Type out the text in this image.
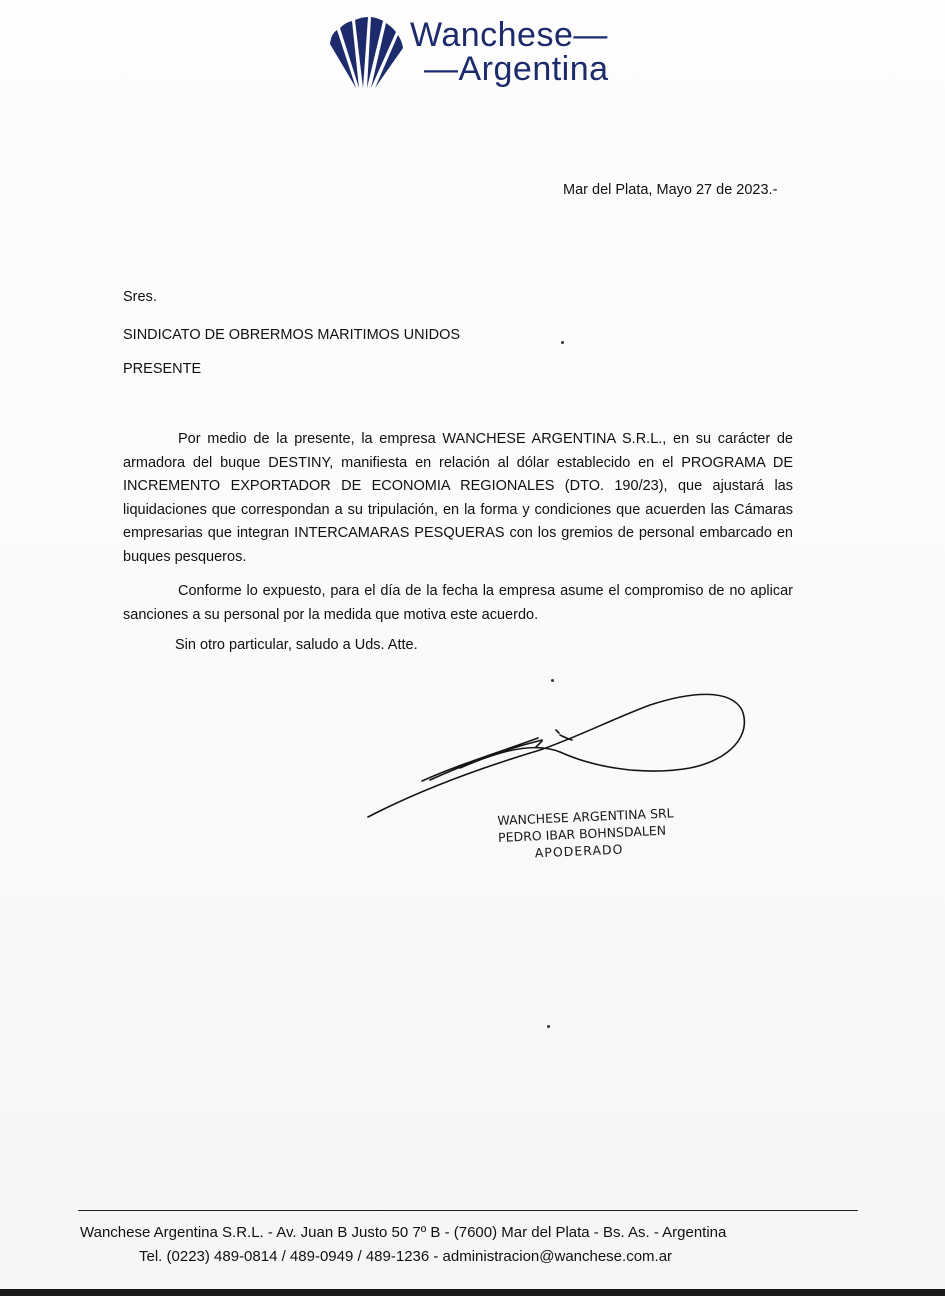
Wanchese—
—Argentina
Mar del Plata, Mayo 27 de 2023.-
Sres.
SINDICATO DE OBRERMOS MARITIMOS UNIDOS
PRESENTE

Por medio de la presente, la empresa WANCHESE ARGENTINA S.R.L., en su carácter de armadora del buque DESTINY, manifiesta en relación al dólar establecido en el PROGRAMA DE INCREMENTO EXPORTADOR DE ECONOMIA REGIONALES (DTO. 190/23), que ajustará las liquidaciones que correspondan a su tripulación, en la forma y condiciones que acuerden las Cámaras empresarias que integran INTERCAMARAS PESQUERAS con los gremios de personal embarcado en buques pesqueros.

Conforme lo expuesto, para el día de la fecha la empresa asume el compromiso de no aplicar sanciones a su personal por la medida que motiva este acuerdo.

Sin otro particular, saludo a Uds. Atte.
WANCHESE ARGENTINA SRL
PEDRO IBAR BOHNSDALEN
APODERADO
Wanchese Argentina S.R.L. - Av. Juan B Justo 50 7º B - (7600) Mar del Plata - Bs. As. - Argentina
Tel. (0223) 489-0814 / 489-0949 / 489-1236 - administracion@wanchese.com.ar
